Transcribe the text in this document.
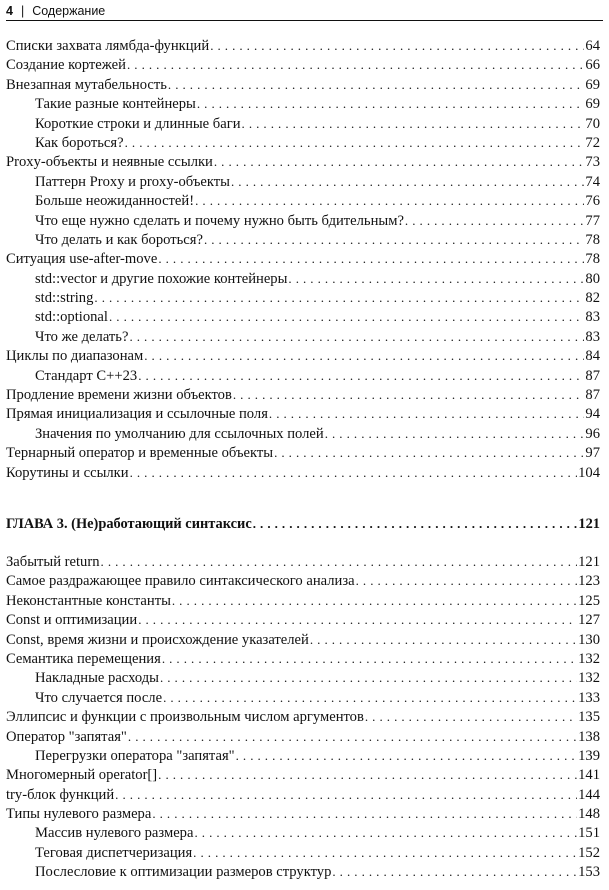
4 | Содержание
Списки захвата лямбда-функций . . .	64
Создание кортежей . . .	66
Внезапная мутабельность . . .	69
Такие разные контейнеры . . .	69
Короткие строки и длинные баги . . .	70
Как бороться? . . .	72
Proxy-объекты и неявные ссылки . . .	73
Паттерн Proxy и proxy-объекты . . .	74
Больше неожиданностей! . . .	76
Что еще нужно сделать и почему нужно быть бдительным? . . .	77
Что делать и как бороться? . . .	78
Ситуация use-after-move . . .	78
std::vector и другие похожие контейнеры . . .	80
std::string . . .	82
std::optional . . .	83
Что же делать? . . .	83
Циклы по диапазонам . . .	84
Стандарт C++23 . . .	87
Продление времени жизни объектов . . .	87
Прямая инициализация и ссылочные поля . . .	94
Значения по умолчанию для ссылочных полей . . .	96
Тернарный оператор и временные объекты . . .	97
Корутины и ссылки . . .	104
ГЛАВА 3. (Не)работающий синтаксис . . .	121
Забытый return . . .	121
Самое раздражающее правило синтаксического анализа . . .	123
Неконстантные константы . . .	125
Const и оптимизации . . .	127
Const, время жизни и происхождение указателей . . .	130
Семантика перемещения . . .	132
Накладные расходы . . .	132
Что случается после . . .	133
Эллипсис и функции с произвольным числом аргументов . . .	135
Оператор "запятая" . . .	138
Перегрузки оператора "запятая" . . .	139
Многомерный operator[] . . .	141
try-блок функций . . .	144
Типы нулевого размера . . .	148
Массив нулевого размера . . .	151
Теговая диспетчеризация . . .	152
Послесловие к оптимизации размеров структур . . .	153
